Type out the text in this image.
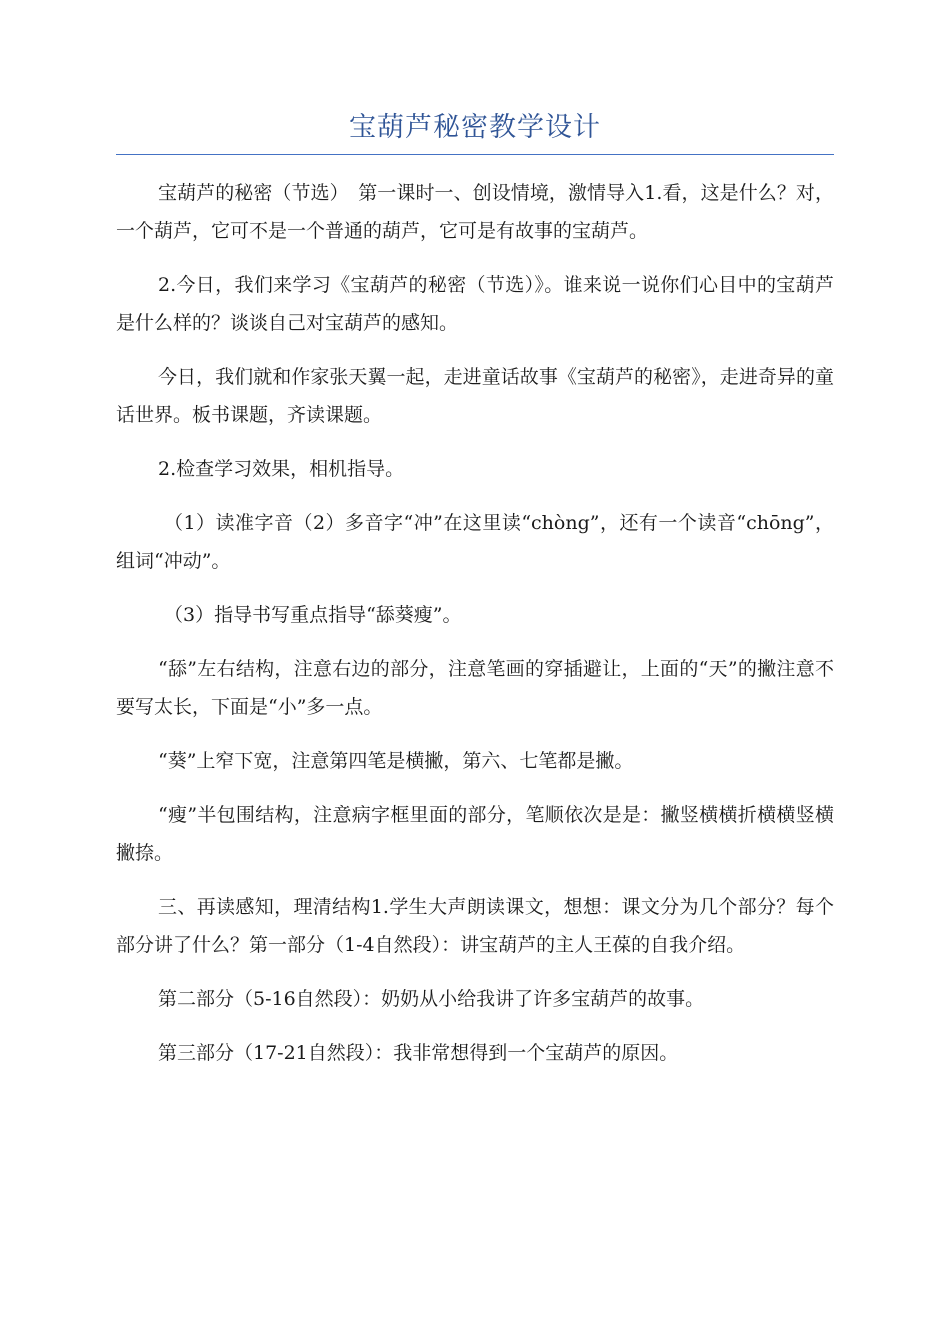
宝葫芦秘密教学设计

宝葫芦的秘密（节选）　第一课时一、创设情境，激情导入1.看，这是什么？对，一个葫芦，它可不是一个普通的葫芦，它可是有故事的宝葫芦。

2.今日，我们来学习《宝葫芦的秘密（节选）》。谁来说一说你们心目中的宝葫芦是什么样的？谈谈自己对宝葫芦的感知。

今日，我们就和作家张天翼一起，走进童话故事《宝葫芦的秘密》，走进奇异的童话世界。板书课题，齐读课题。

2.检查学习效果，相机指导。

（1）读准字音（2）多音字“冲”在这里读“chòng”，还有一个读音“chōng”，组词“冲动”。

（3）指导书写重点指导“舔葵瘦”。

“舔”左右结构，注意右边的部分，注意笔画的穿插避让，上面的“天”的撇注意不要写太长，下面是“小”多一点。

“葵”上窄下宽，注意第四笔是横撇，第六、七笔都是撇。

“瘦”半包围结构，注意病字框里面的部分，笔顺依次是是：撇竖横横折横横竖横撇捺。

三、再读感知，理清结构1.学生大声朗读课文，想想：课文分为几个部分？每个部分讲了什么？第一部分（1-4自然段）：讲宝葫芦的主人王葆的自我介绍。

第二部分（5-16自然段）：奶奶从小给我讲了许多宝葫芦的故事。

第三部分（17-21自然段）：我非常想得到一个宝葫芦的原因。
